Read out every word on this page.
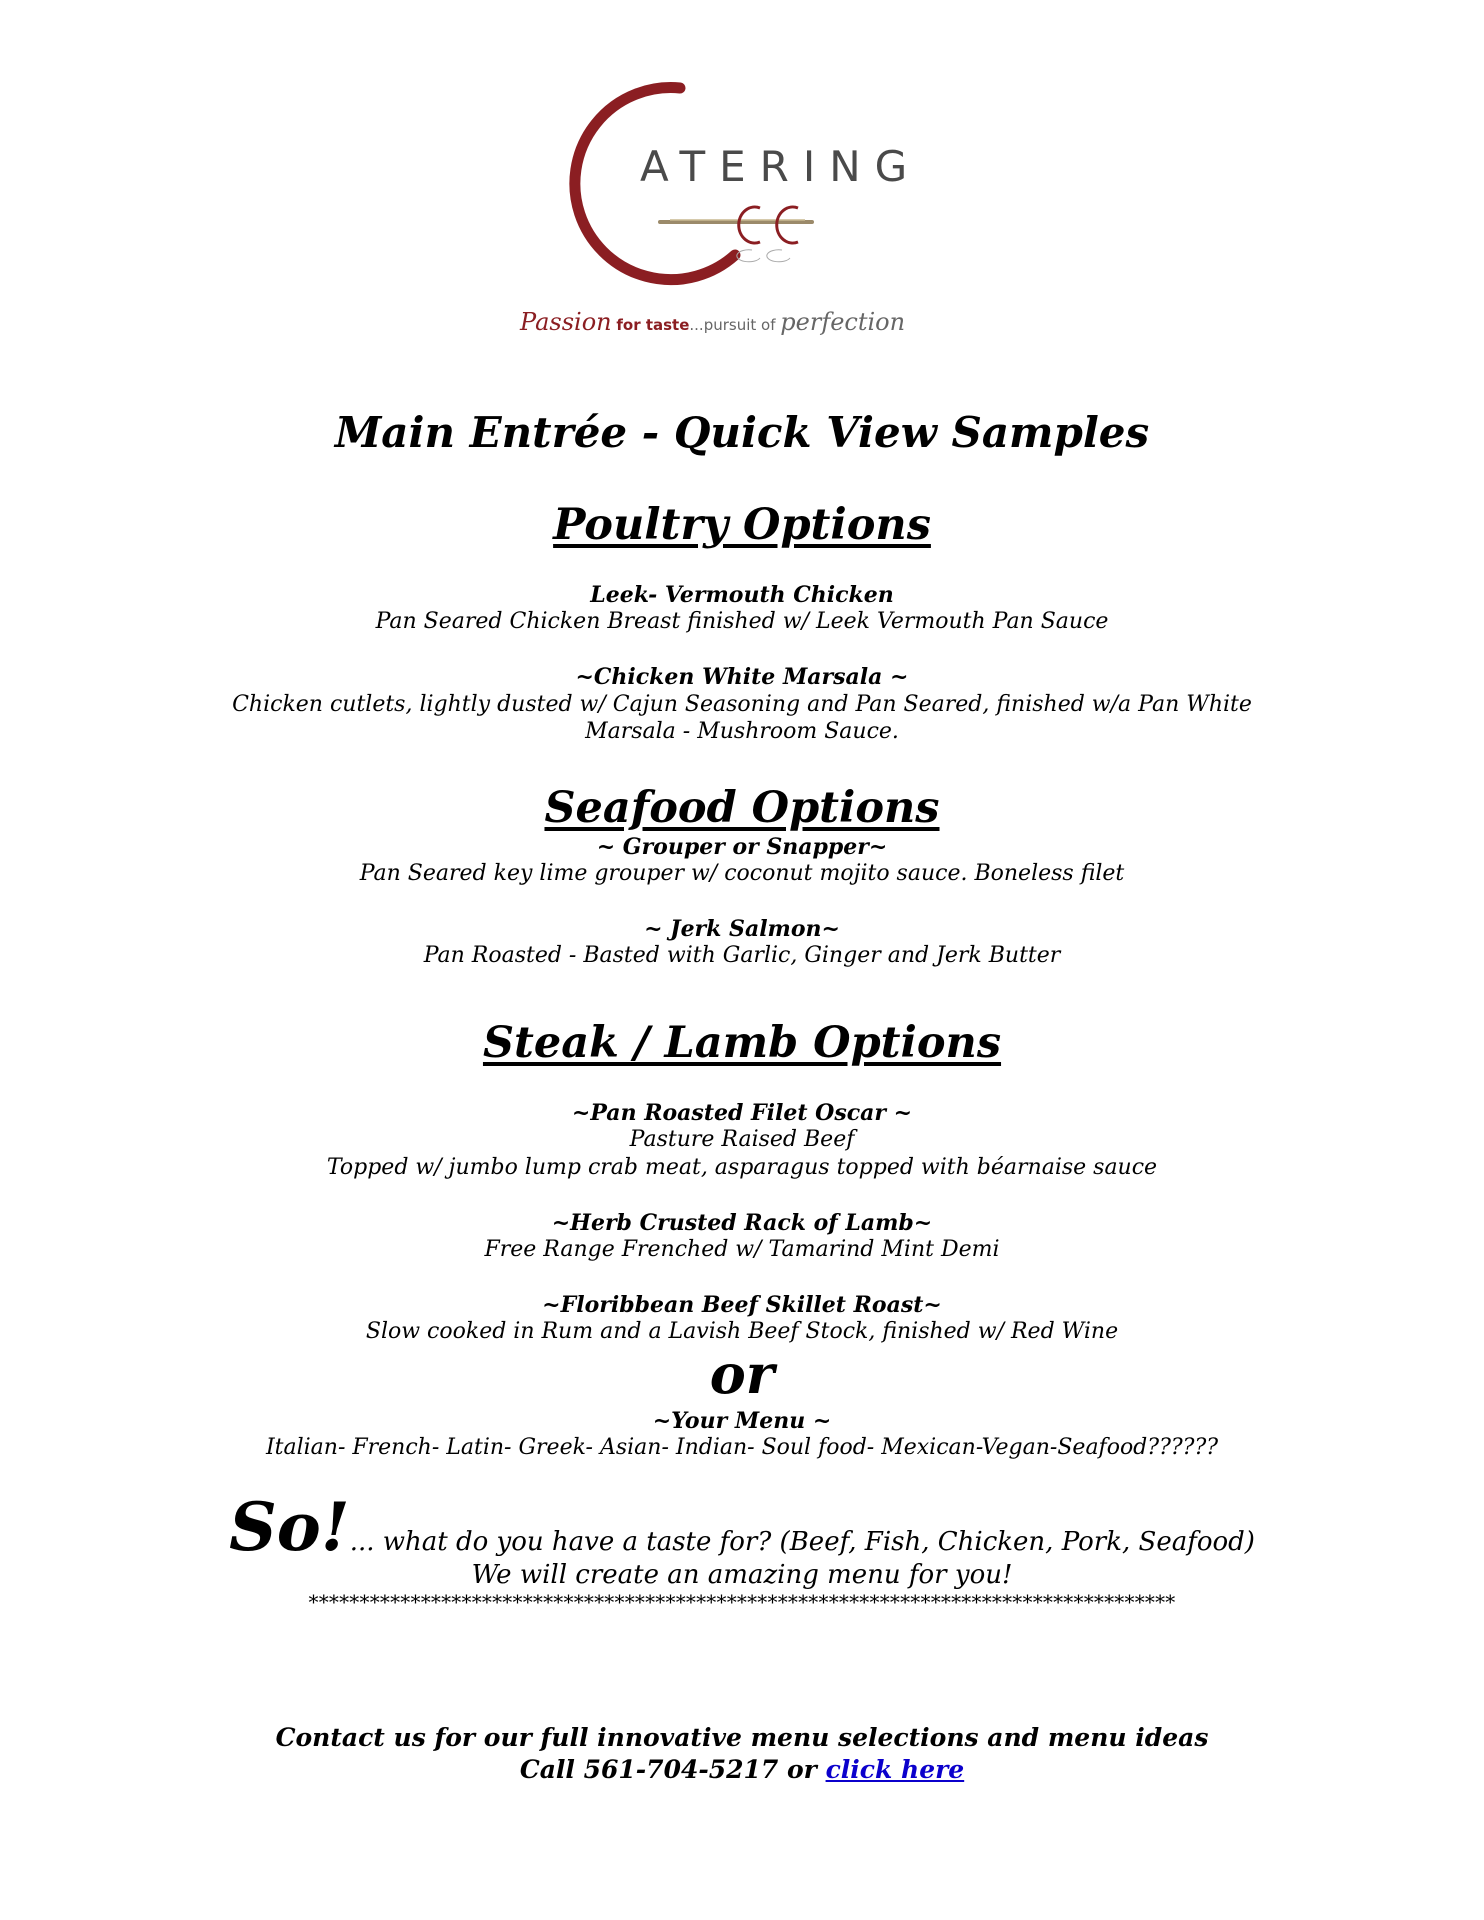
ATERING
Passion for taste...pursuit of perfection
Main Entrée - Quick View Samples
Poultry Options
Leek- Vermouth Chicken
Pan Seared Chicken Breast finished w/ Leek Vermouth Pan Sauce
~Chicken White Marsala ~
Chicken cutlets, lightly dusted w/ Cajun Seasoning and Pan Seared, finished w/a Pan White
Marsala - Mushroom Sauce.
Seafood Options
~ Grouper or Snapper~
Pan Seared key lime grouper w/ coconut mojito sauce. Boneless filet
~ Jerk Salmon~
Pan Roasted - Basted with Garlic, Ginger and Jerk Butter
Steak / Lamb Options
~Pan Roasted Filet Oscar ~
Pasture Raised Beef
Topped w/ jumbo lump crab meat, asparagus topped with béarnaise sauce
~Herb Crusted Rack of Lamb~
Free Range Frenched w/ Tamarind Mint Demi
~Floribbean Beef Skillet Roast~
Slow cooked in Rum and a Lavish Beef Stock, finished w/ Red Wine
or
~Your Menu ~
Italian- French- Latin- Greek- Asian- Indian- Soul food- Mexican-Vegan-Seafood??????
So!... what do you have a taste for? (Beef, Fish, Chicken, Pork, Seafood)
We will create an amazing menu for you!
*************************************************************************************
Contact us for our full innovative menu selections and menu ideas
Call 561-704-5217 or click here
